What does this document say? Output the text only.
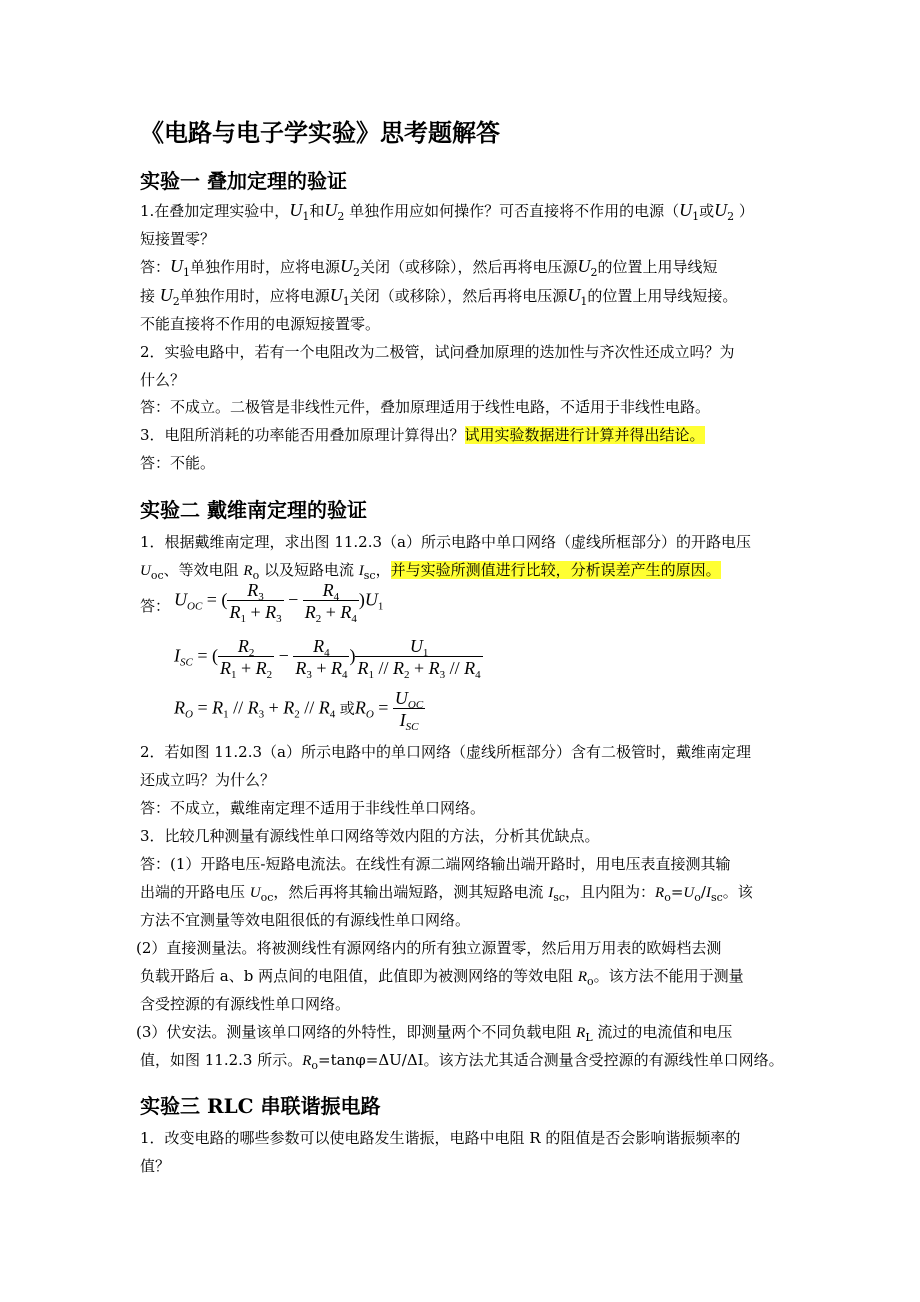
《电路与电子学实验》思考题解答
实验一 叠加定理的验证
1.在叠加定理实验中，$U_1$和$U_2$ 单独作用应如何操作？可否直接将不作用的电源（$U_1$或$U_2$ ）
短接置零？
答：$U_1$单独作用时，应将电源$U_2$关闭（或移除），然后再将电压源$U_2$的位置上用导线短
接 $U_2$单独作用时，应将电源$U_1$关闭（或移除），然后再将电压源$U_1$的位置上用导线短接。
不能直接将不作用的电源短接置零。
2．实验电路中，若有一个电阻改为二极管，试问叠加原理的迭加性与齐次性还成立吗？为
什么？
答：不成立。二极管是非线性元件，叠加原理适用于线性电路，不适用于非线性电路。
3．电阻所消耗的功率能否用叠加原理计算得出？试用实验数据进行计算并得出结论。
答：不能。
实验二 戴维南定理的验证
1．根据戴维南定理，求出图 11.2.3（a）所示电路中单口网络（虚线所框部分）的开路电压
$U_{oc}$、等效电阻 $R_o$ 以及短路电流 $I_{sc}$，并与实验所测值进行比较，分析误差产生的原因。
答： $U_{OC}$ = ( $\frac{R_3}{R_1 + R_3} - \frac{R_4}{R_2 + R_4} )U_1$
$I_{SC}$ = ( $\frac{R_2}{R_1 + R_2} - \frac{R_4}{R_3 + R_4}$ ) $\frac{U_1}{R_1 // R_2 + R_3 // R_4}$
$R_O = R_1 // R_3 + R_2 // R_4$ 或$R_O = \frac{U_{OC}}{I_{SC}}$
2．若如图 11.2.3（a）所示电路中的单口网络（虚线所框部分）含有二极管时，戴维南定理
还成立吗？为什么？
答：不成立，戴维南定理不适用于非线性单口网络。
3．比较几种测量有源线性单口网络等效内阻的方法，分析其优缺点。
答：(1）开路电压-短路电流法。在线性有源二端网络输出端开路时，用电压表直接测其输
出端的开路电压 $U_{oc}$，然后再将其输出端短路，测其短路电流 $I_{sc}$，且内阻为：$R_o=U_o/I_{sc}$。该
方法不宜测量等效电阻很低的有源线性单口网络。
(2）直接测量法。将被测线性有源网络内的所有独立源置零，然后用万用表的欧姆档去测
负载开路后 a、b 两点间的电阻值，此值即为被测网络的等效电阻 $R_o$。该方法不能用于测量
含受控源的有源线性单口网络。
(3）伏安法。测量该单口网络的外特性，即测量两个不同负载电阻 $R_L$ 流过的电流值和电压
值，如图 11.2.3 所示。$R_o=\tan\varphi=\Delta U/\Delta I$。该方法尤其适合测量含受控源的有源线性单口网络。
实验三 RLC 串联谐振电路
1．改变电路的哪些参数可以使电路发生谐振，电路中电阻 R 的阻值是否会影响谐振频率的
值？
